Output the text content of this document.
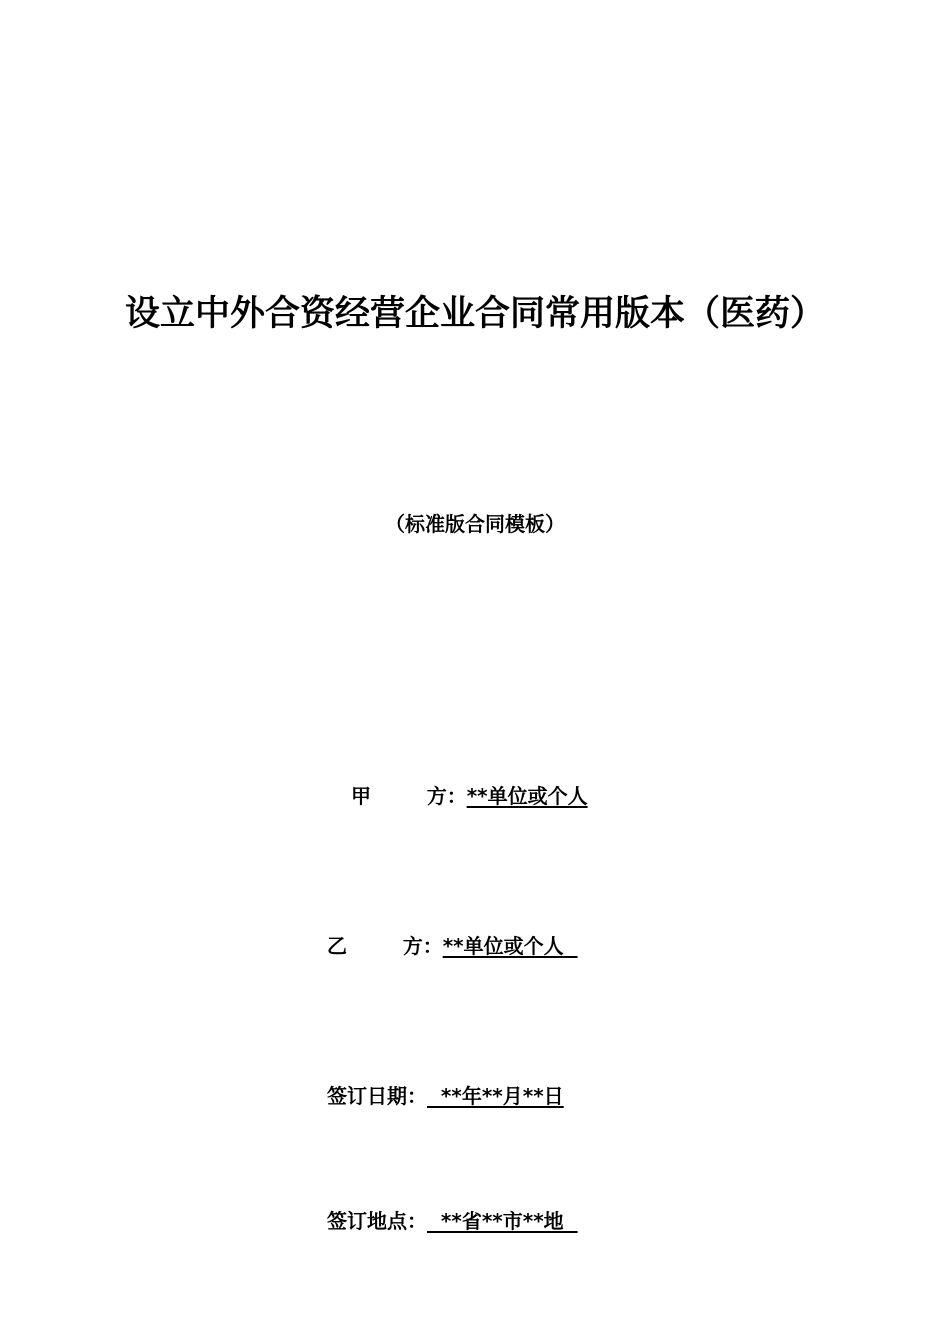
设立中外合资经营企业合同常用版本（医药）
（标准版合同模板）
甲        方：**单位或个人
乙        方：**单位或个人
签订日期：  **年**月**日
签订地点：  **省**市**地
